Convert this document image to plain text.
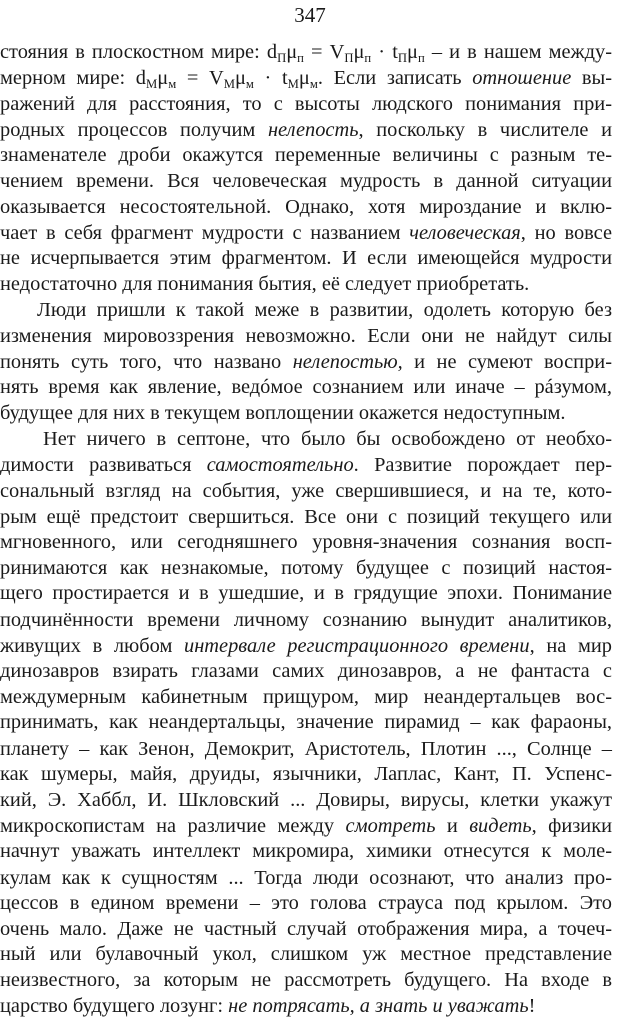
347
стояния в плоскостном мире: $d_П\mu_п = V_П\mu_п \cdot t_П\mu_п - и$ в нашем между-
мерном мире: $d_М\mu_м = V_М\mu_м \cdot t_М\mu_м$. Если записать отношение вы-
ражений для расстояния, то с высоты людского понимания при-
родных процессов получим нелепость, поскольку в числителе и
знаменателе дроби окажутся переменные величины с разным те-
чением времени. Вся человеческая мудрость в данной ситуации
оказывается несостоятельной. Однако, хотя мироздание и вклю-
чает в себя фрагмент мудрости с названием человеческая, но вовсе
не исчерпывается этим фрагментом. И если имеющейся мудрости
недостаточно для понимания бытия, её следует приобретать.
Люди пришли к такой меже в развитии, одолеть которую без
изменения мировоззрения невозможно. Если они не найдут силы
понять суть того, что названо нелепостью, и не сумеют воспри-
нять время как явление, ведóмое сознанием или иначе – рáзумом,
будущее для них в текущем воплощении окажется недоступным.
Нет ничего в септоне, что было бы освобождено от необхо-
димости развиваться самостоятельно. Развитие порождает пер-
сональный взгляд на события, уже свершившиеся, и на те, кото-
рым ещё предстоит свершиться. Все они с позиций текущего или
мгновенного, или сегодняшнего уровня-значения сознания восп-
ринимаются как незнакомые, потому будущее с позиций настоя-
щего простирается и в ушедшие, и в грядущие эпохи. Понимание
подчинённости времени личному сознанию вынудит аналитиков,
живущих в любом интервале регистрационного времени, на мир
динозавров взирать глазами самих динозавров, а не фантаста с
междумерным кабинетным прищуром, мир неандертальцев вос-
принимать, как неандертальцы, значение пирамид – как фараоны,
планету – как Зенон, Демокрит, Аристотель, Плотин ..., Солнце –
как шумеры, майя, друиды, язычники, Лаплас, Кант, П. Успенс-
кий, Э. Хаббл, И. Шкловский ... Довиры, вирусы, клетки укажут
микроскопистам на различие между смотреть и видеть, физики
начнут уважать интеллект микромира, химики отнесутся к моле-
кулам как к сущностям ... Тогда люди осознают, что анализ про-
цессов в едином времени – это голова страуса под крылом. Это
очень мало. Даже не частный случай отображения мира, а точеч-
ный или булавочный укол, слишком уж местное представление
неизвестного, за которым не рассмотреть будущего. На входе в
царство будущего лозунг: не потрясать, а знать и уважать!
